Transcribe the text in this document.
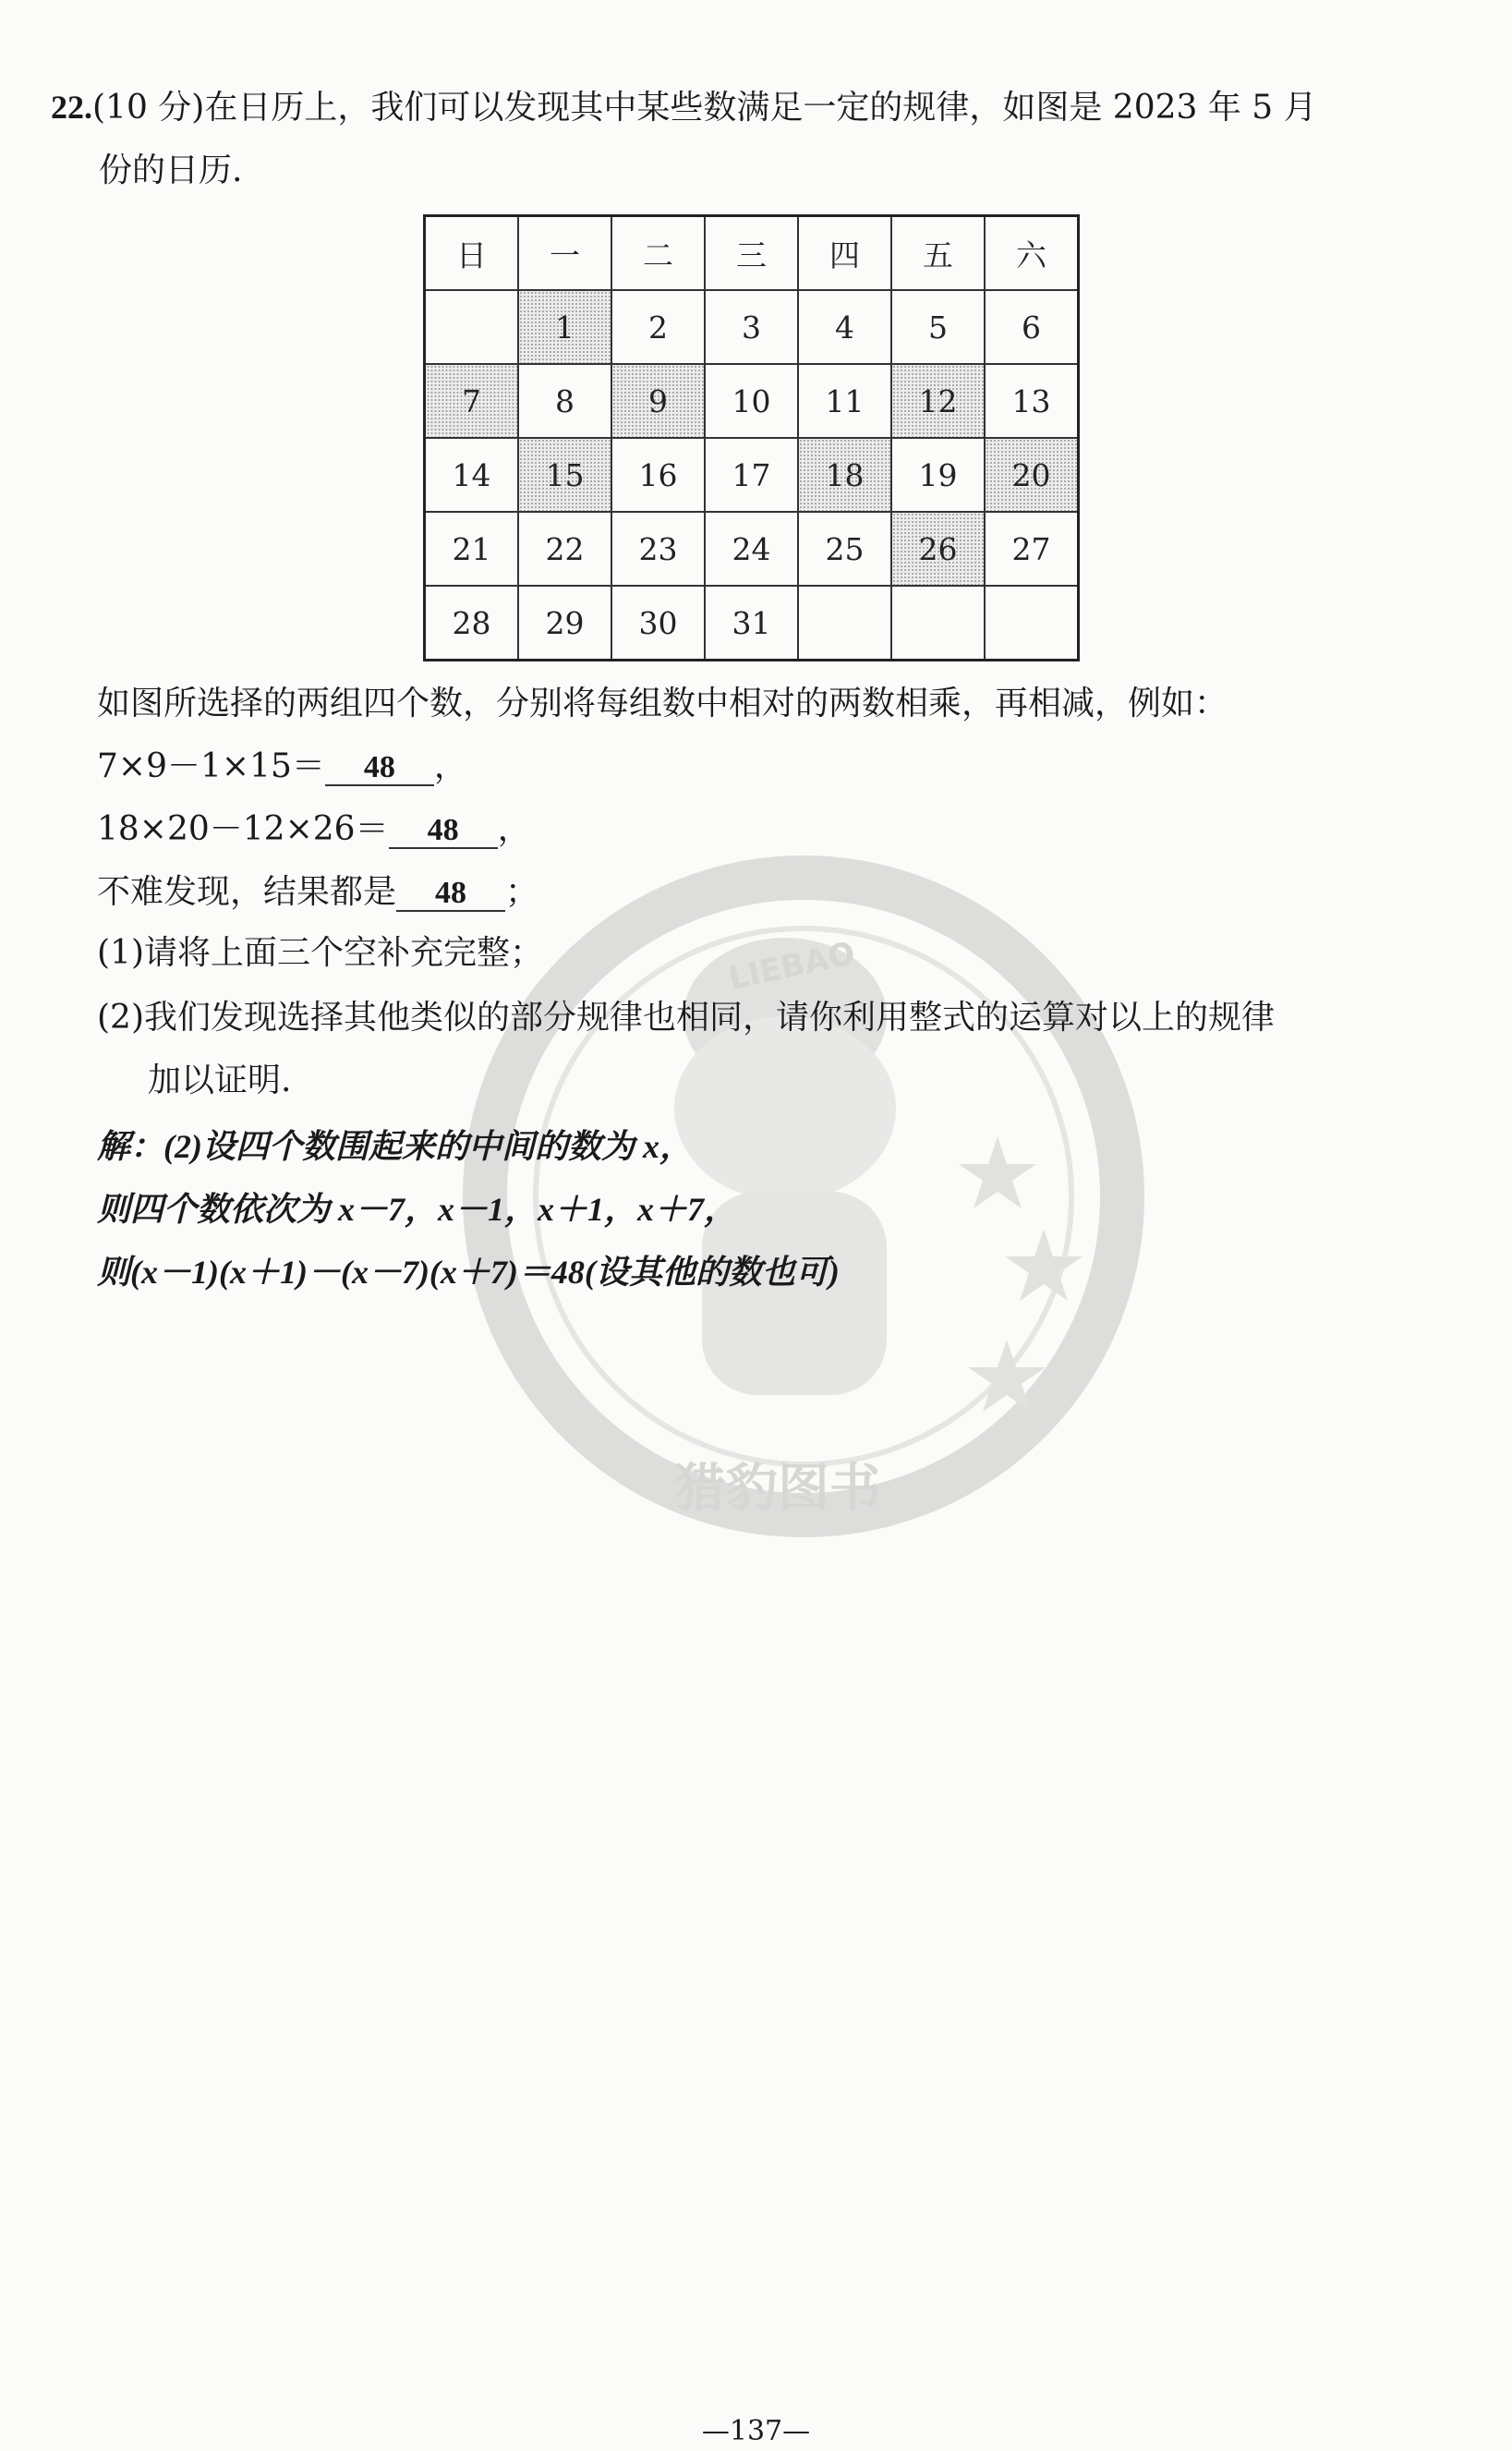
22.(10 分)在日历上，我们可以发现其中某些数满足一定的规律，如图是 2023 年 5 月
份的日历.
日	一	二	三	四	五	六
	1	2	3	4	5	6
7	8	9	10	11	12	13
14	15	16	17	18	19	20
21	22	23	24	25	26	27
28	29	30	31			
LIEBAO
猎豹图书
如图所选择的两组四个数，分别将每组数中相对的两数相乘，再相减，例如：
7×9－1×15＝ 48 ，
18×20－12×26＝ 48 ，
不难发现，结果都是 48 ；
(1)请将上面三个空补充完整；
(2)我们发现选择其他类似的部分规律也相同，请你利用整式的运算对以上的规律
加以证明.
解：(2)设四个数围起来的中间的数为 x，
则四个数依次为 x－7，x－1，x＋1，x＋7，
则(x－1)(x＋1)－(x－7)(x＋7)＝48(设其他的数也可)
—137—
